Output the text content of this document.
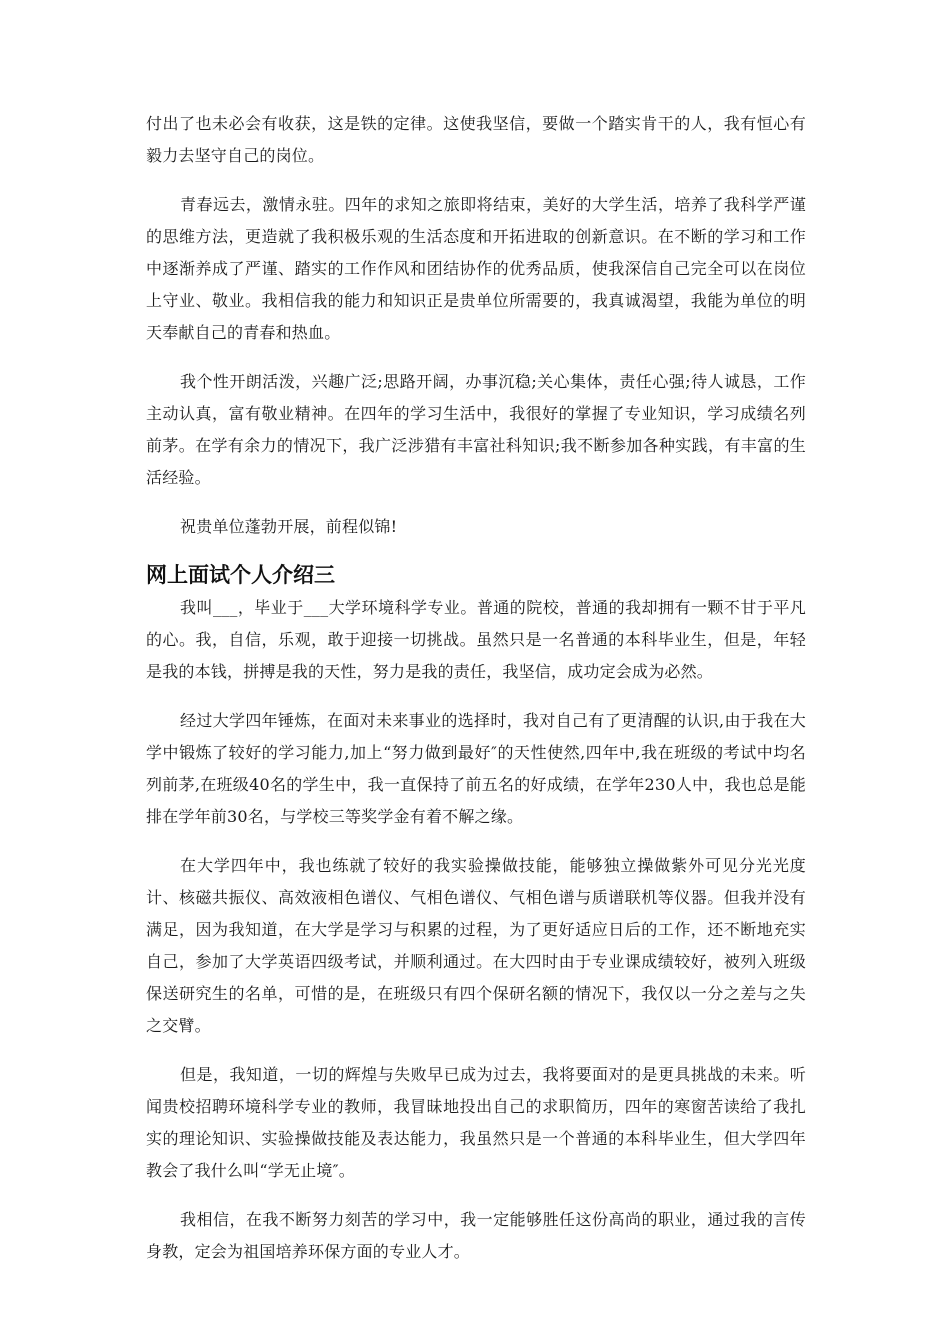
付出了也未必会有收获，这是铁的定律。这使我坚信，要做一个踏实肯干的人，我有恒心有毅力去坚守自己的岗位。

青春远去，激情永驻。四年的求知之旅即将结束，美好的大学生活，培养了我科学严谨的思维方法，更造就了我积极乐观的生活态度和开拓进取的创新意识。在不断的学习和工作中逐渐养成了严谨、踏实的工作作风和团结协作的优秀品质，使我深信自己完全可以在岗位上守业、敬业。我相信我的能力和知识正是贵单位所需要的，我真诚渴望，我能为单位的明天奉献自己的青春和热血。

我个性开朗活泼，兴趣广泛;思路开阔，办事沉稳;关心集体，责任心强;待人诚恳，工作主动认真，富有敬业精神。在四年的学习生活中，我很好的掌握了专业知识，学习成绩名列前茅。在学有余力的情况下，我广泛涉猎有丰富社科知识;我不断参加各种实践，有丰富的生活经验。

祝贵单位蓬勃开展，前程似锦!

网上面试个人介绍三

我叫___，毕业于___大学环境科学专业。普通的院校，普通的我却拥有一颗不甘于平凡的心。我，自信，乐观，敢于迎接一切挑战。虽然只是一名普通的本科毕业生，但是，年轻是我的本钱，拼搏是我的天性，努力是我的责任，我坚信，成功定会成为必然。

经过大学四年锤炼，在面对未来事业的选择时，我对自己有了更清醒的认识,由于我在大学中锻炼了较好的学习能力,加上“努力做到最好″的天性使然,四年中,我在班级的考试中均名列前茅,在班级40名的学生中，我一直保持了前五名的好成绩，在学年230人中，我也总是能排在学年前30名，与学校三等奖学金有着不解之缘。

在大学四年中，我也练就了较好的我实验操做技能，能够独立操做紫外可见分光光度计、核磁共振仪、高效液相色谱仪、气相色谱仪、气相色谱与质谱联机等仪器。但我并没有满足，因为我知道，在大学是学习与积累的过程，为了更好适应日后的工作，还不断地充实自己，参加了大学英语四级考试，并顺利通过。在大四时由于专业课成绩较好，被列入班级保送研究生的名单，可惜的是，在班级只有四个保研名额的情况下，我仅以一分之差与之失之交臂。

但是，我知道，一切的辉煌与失败早已成为过去，我将要面对的是更具挑战的未来。听闻贵校招聘环境科学专业的教师，我冒昧地投出自己的求职简历，四年的寒窗苦读给了我扎实的理论知识、实验操做技能及表达能力，我虽然只是一个普通的本科毕业生，但大学四年教会了我什么叫“学无止境″。

我相信，在我不断努力刻苦的学习中，我一定能够胜任这份高尚的职业，通过我的言传身教，定会为祖国培养环保方面的专业人才。
